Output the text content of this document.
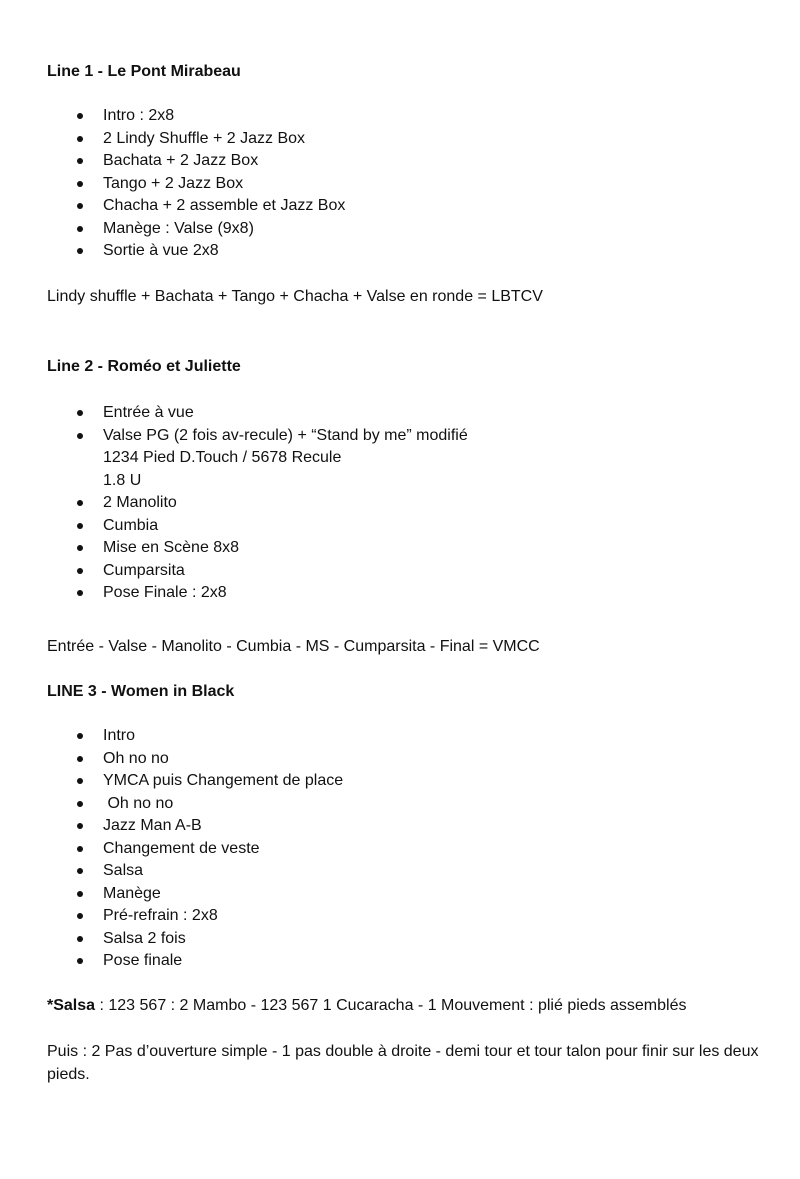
Line 1 - Le Pont Mirabeau
Intro : 2x8
2 Lindy Shuffle + 2 Jazz Box
Bachata + 2 Jazz Box
Tango + 2 Jazz Box
Chacha + 2 assemble et Jazz Box
Manège : Valse (9x8)
Sortie à vue 2x8
Lindy shuffle + Bachata + Tango + Chacha + Valse en ronde = LBTCV
Line 2 - Roméo et Juliette
Entrée à vue
Valse PG (2 fois av-recule) + “Stand by me” modifié
1234 Pied D.Touch / 5678 Recule
1.8 U
2 Manolito
Cumbia
Mise en Scène 8x8
Cumparsita
Pose Finale : 2x8
Entrée - Valse - Manolito - Cumbia - MS - Cumparsita - Final = VMCC
LINE 3 - Women in Black
Intro
Oh no no
YMCA puis Changement de place
Oh no no
Jazz Man A-B
Changement de veste
Salsa
Manège
Pré-refrain : 2x8
Salsa 2 fois
Pose finale
*Salsa : 123 567 : 2 Mambo - 123 567 1 Cucaracha - 1 Mouvement : plié pieds assemblés
Puis : 2 Pas d’ouverture simple - 1 pas double à droite - demi tour et tour talon pour finir sur les deux pieds.
